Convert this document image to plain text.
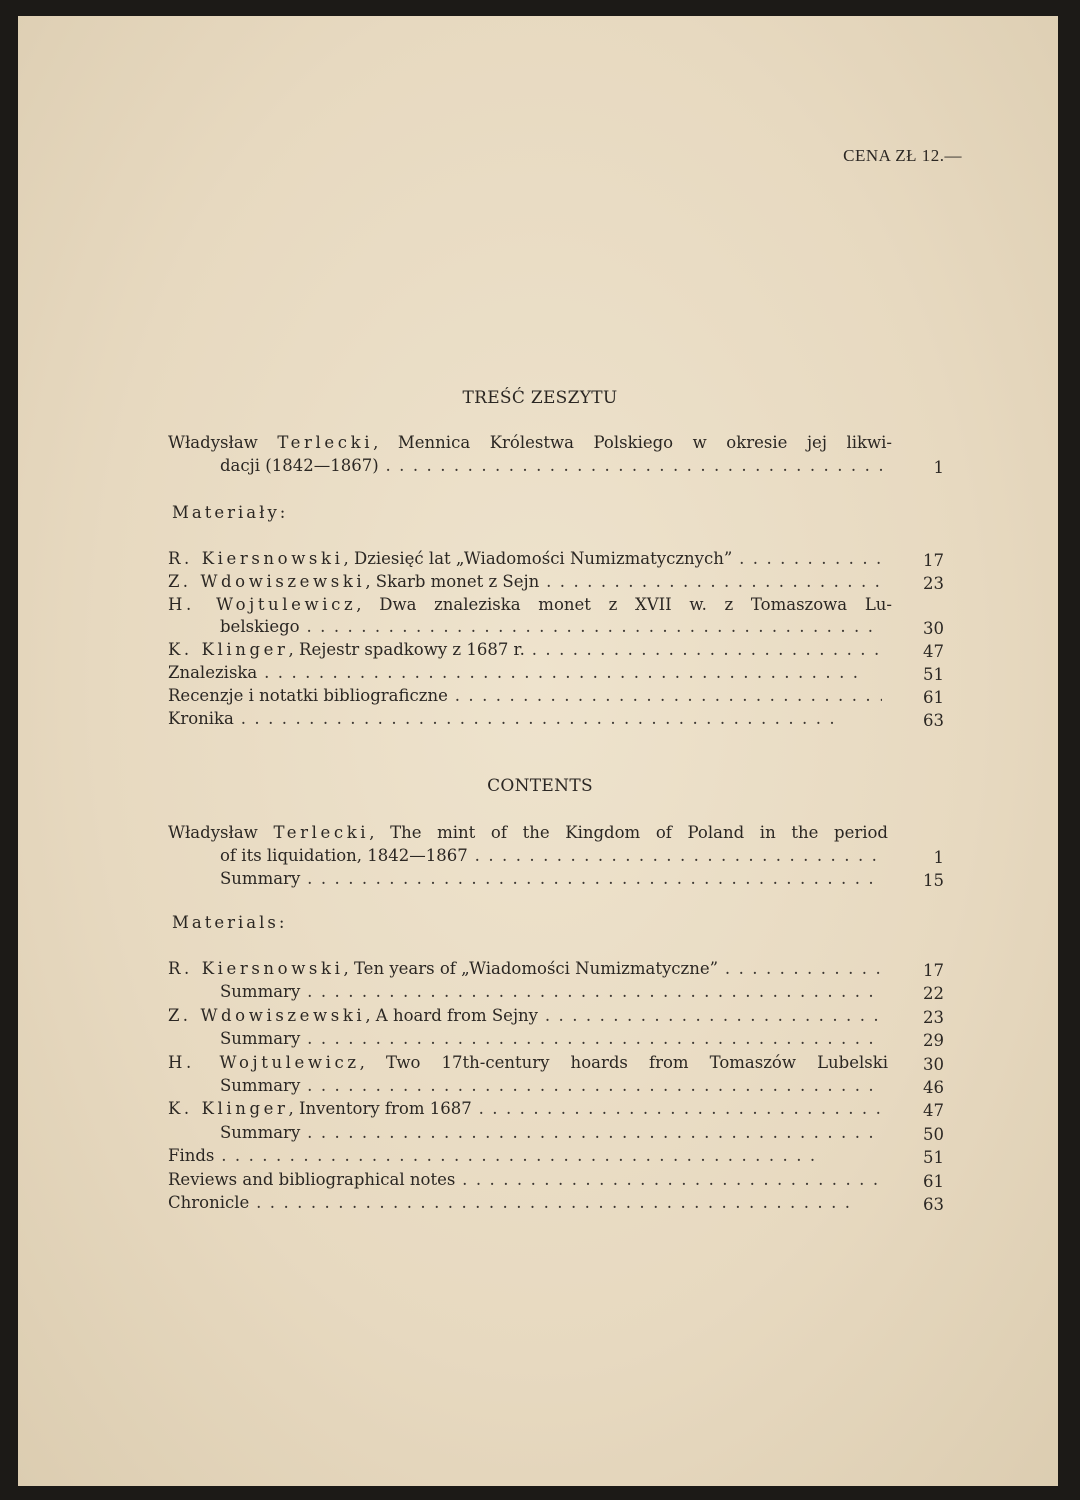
CENA ZŁ 12.—
TREŚĆ ZESZYTU
Władysław Terlecki, Mennica Królestwa Polskiego w okresie jej likwi-
dacji (1842—1867) . .	1
Materiały:
R. Kiersnowski, Dziesięć lat „Wiadomości Numizmatycznych” . .	17
Z. Wdowiszewski, Skarb monet z Sejn . .	23
H. Wojtulewicz, Dwa znaleziska monet z XVII w. z Tomaszowa Lu-
belskiego . .	30
K. Klinger, Rejestr spadkowy z 1687 r. . .	47
Znaleziska . .	51
Recenzje i notatki bibliograficzne . .	61
Kronika . .	63
CONTENTS
Władysław Terlecki, The mint of the Kingdom of Poland in the period
of its liquidation, 1842—1867 . .	1
Summary . .	15
Materials:
R. Kiersnowski, Ten years of „Wiadomości Numizmatyczne” . .	17
Summary . .	22
Z. Wdowiszewski, A hoard from Sejny . .	23
Summary . .	29
H. Wojtulewicz, Two 17th-century hoards from Tomaszów Lubelski	30
Summary . .	46
K. Klinger, Inventory from 1687 . .	47
Summary . .	50
Finds . .	51
Reviews and bibliographical notes . .	61
Chronicle . .	63
